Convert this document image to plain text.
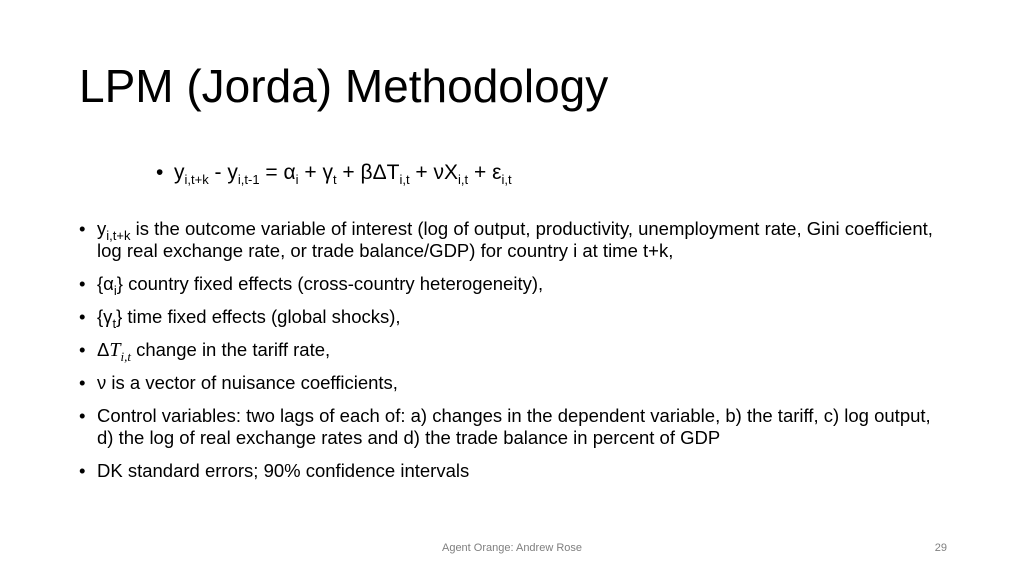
LPM (Jorda) Methodology
• $y_{i,t+k} - y_{i,t-1} = \alpha_i + \gamma_t + \beta\Delta T_{i,t} + \nu X_{i,t} + \varepsilon_{i,t}$
• $y_{i,t+k}$ is the outcome variable of interest (log of output, productivity, unemployment rate, Gini coefficient, log real exchange rate, or trade balance/GDP) for country i at time t+k,
• $\{\alpha_i\}$ country fixed effects (cross-country heterogeneity),
• $\{\gamma_t\}$ time fixed effects (global shocks),
• $\Delta T_{i,t}$ change in the tariff rate,
• ν is a vector of nuisance coefficients,
• Control variables: two lags of each of: a) changes in the dependent variable, b) the tariff, c) log output, d) the log of real exchange rates and d) the trade balance in percent of GDP
• DK standard errors; 90% confidence intervals
Agent Orange: Andrew Rose	29
